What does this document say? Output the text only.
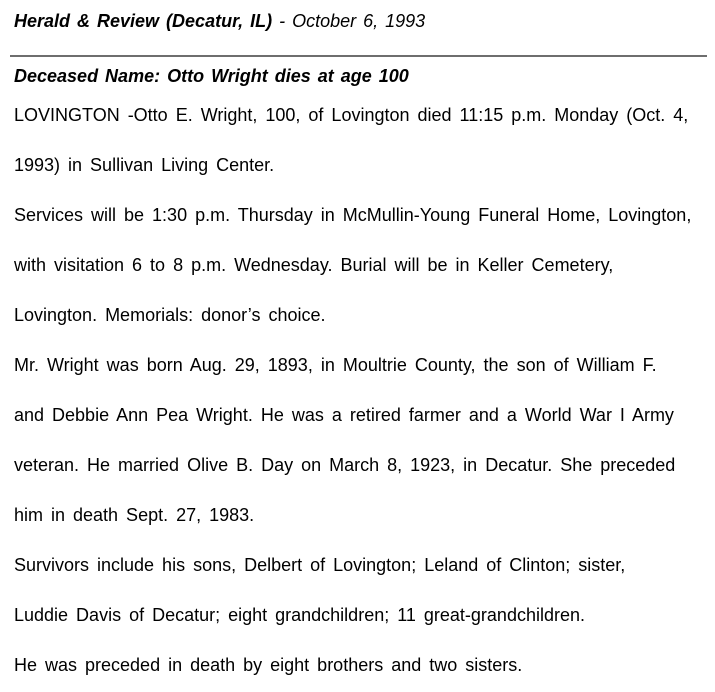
Herald & Review (Decatur, IL) - October 6, 1993
Deceased Name: Otto Wright dies at age 100
LOVINGTON -Otto E. Wright, 100, of Lovington died 11:15 p.m. Monday (Oct. 4,
1993) in Sullivan Living Center.
Services will be 1:30 p.m. Thursday in McMullin-Young Funeral Home, Lovington,
with visitation 6 to 8 p.m. Wednesday. Burial will be in Keller Cemetery,
Lovington. Memorials: donor’s choice.
Mr. Wright was born Aug. 29, 1893, in Moultrie County, the son of William F.
and Debbie Ann Pea Wright. He was a retired farmer and a World War I Army
veteran. He married Olive B. Day on March 8, 1923, in Decatur. She preceded
him in death Sept. 27, 1983.
Survivors include his sons, Delbert of Lovington; Leland of Clinton; sister,
Luddie Davis of Decatur; eight grandchildren; 11 great-grandchildren.
He was preceded in death by eight brothers and two sisters.
